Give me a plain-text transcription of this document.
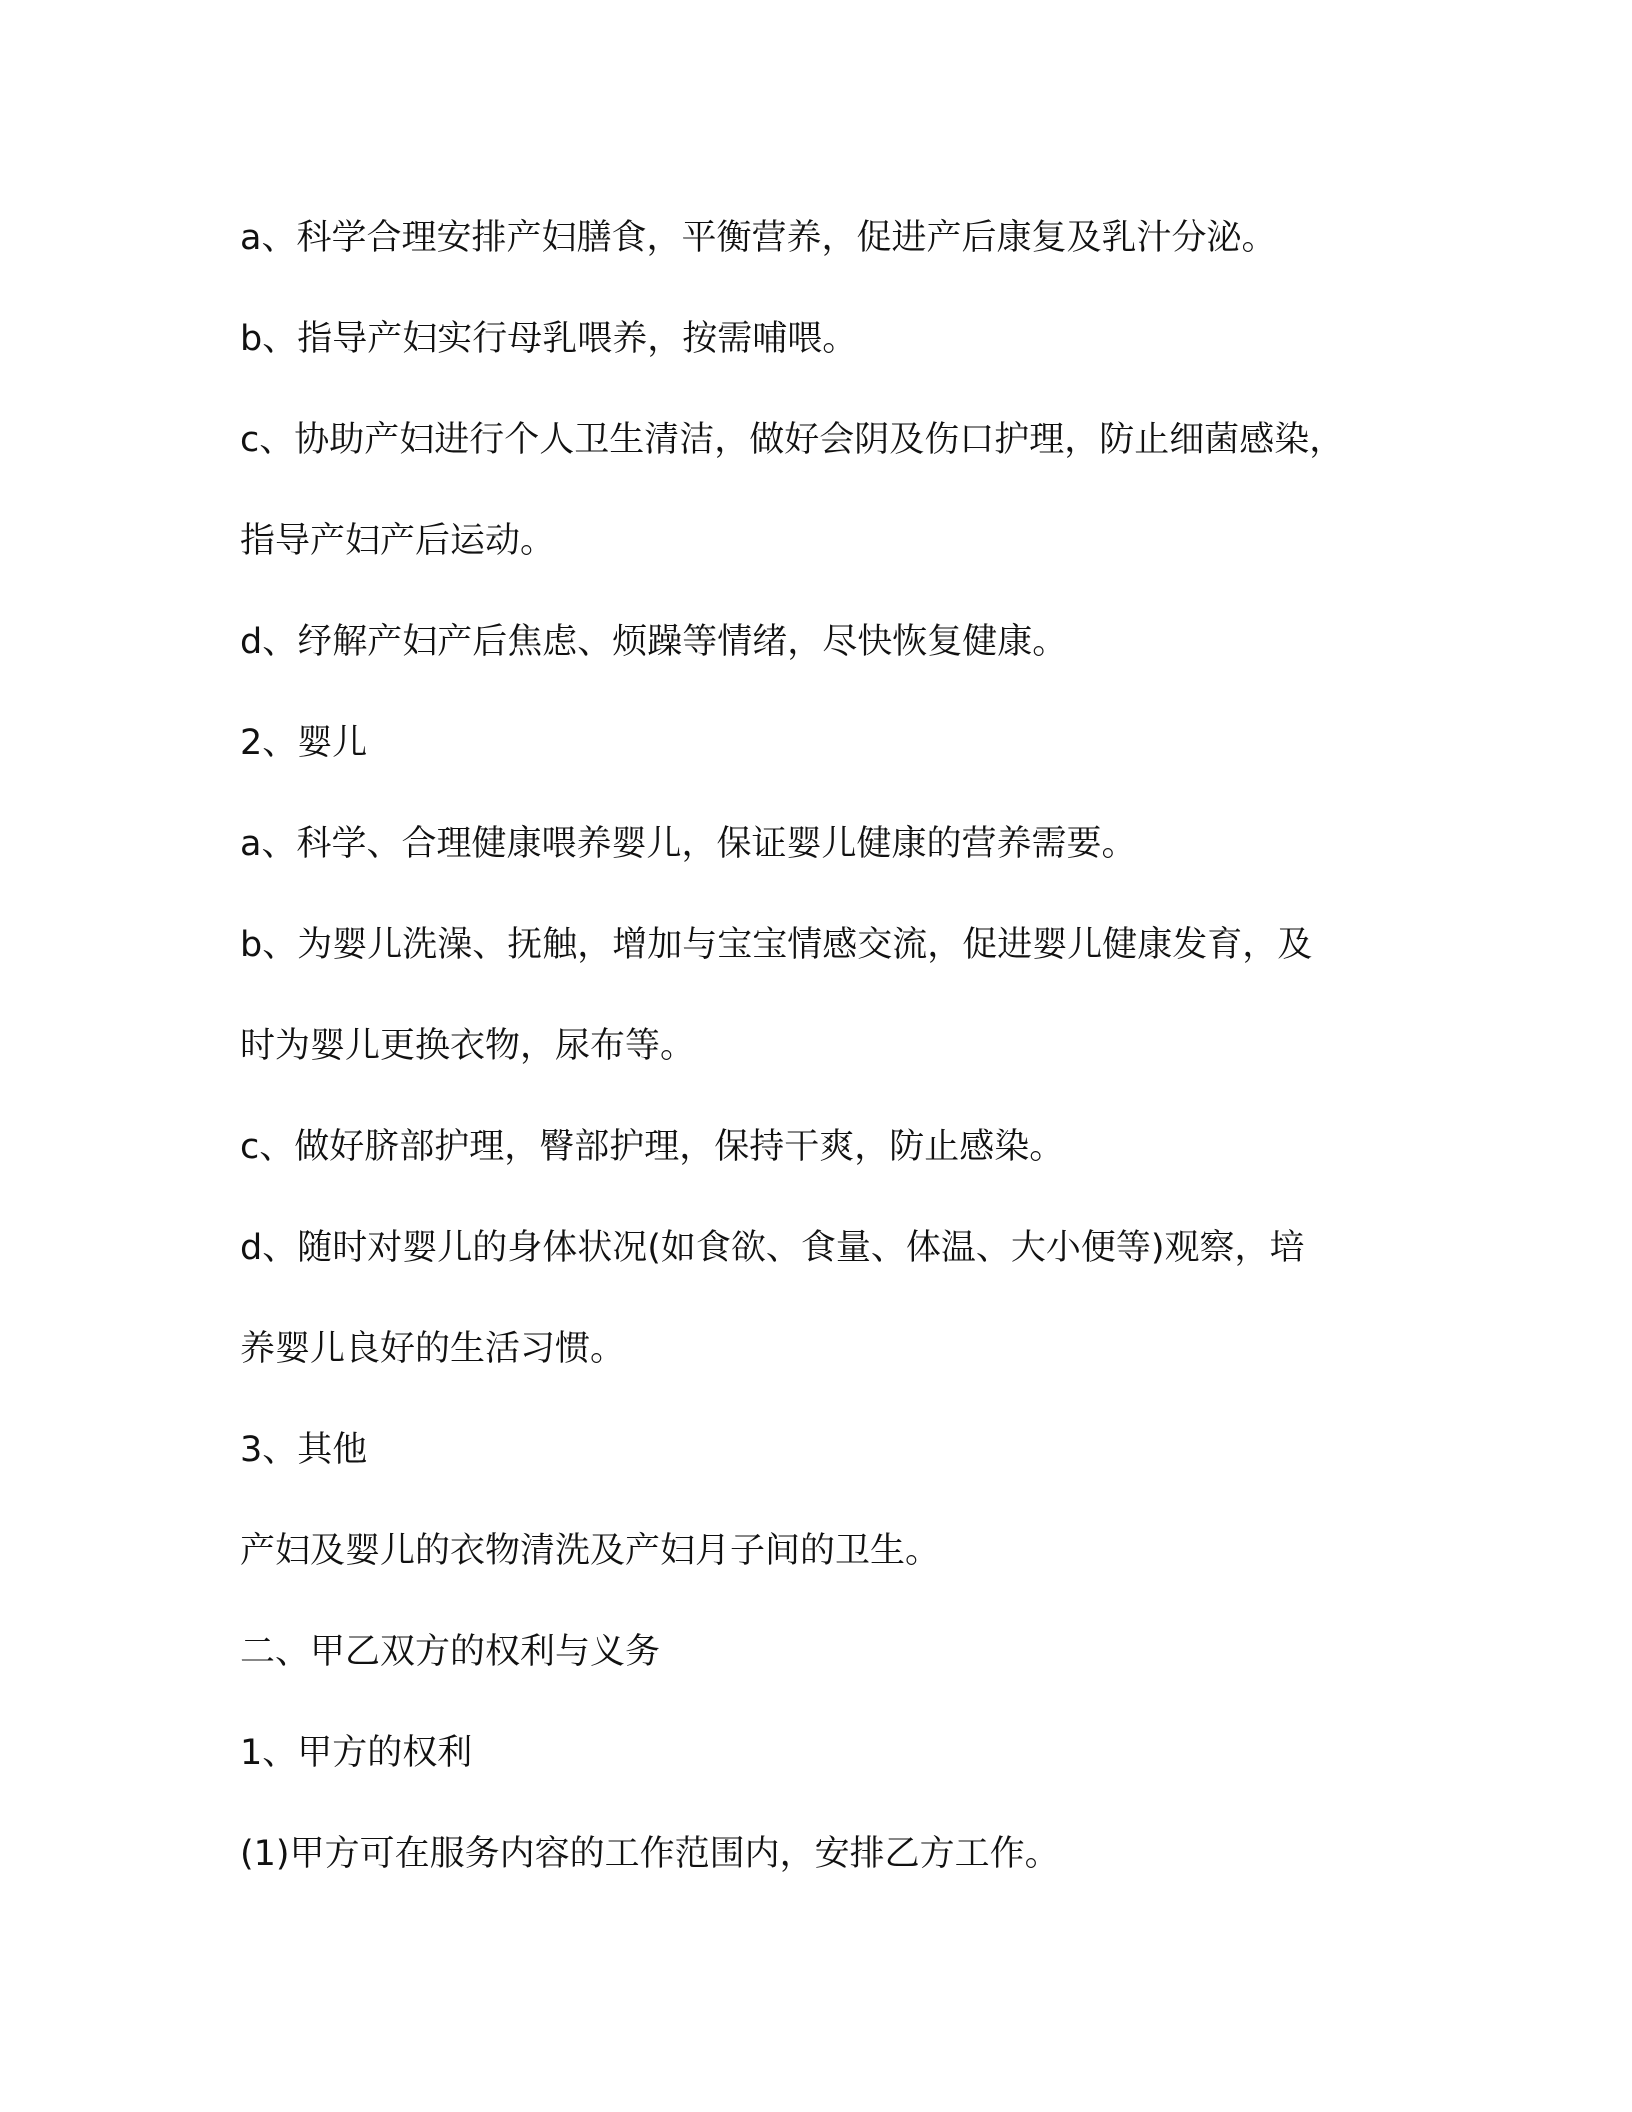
a、科学合理安排产妇膳食，平衡营养，促进产后康复及乳汁分泌。

b、指导产妇实行母乳喂养，按需哺喂。

c、协助产妇进行个人卫生清洁，做好会阴及伤口护理，防止细菌感染，

指导产妇产后运动。

d、纾解产妇产后焦虑、烦躁等情绪，尽快恢复健康。

2、婴儿

a、科学、合理健康喂养婴儿，保证婴儿健康的营养需要。

b、为婴儿洗澡、抚触，增加与宝宝情感交流，促进婴儿健康发育，及

时为婴儿更换衣物，尿布等。

c、做好脐部护理，臀部护理，保持干爽，防止感染。

d、随时对婴儿的身体状况(如食欲、食量、体温、大小便等)观察，培

养婴儿良好的生活习惯。

3、其他

产妇及婴儿的衣物清洗及产妇月子间的卫生。

二、甲乙双方的权利与义务

1、甲方的权利

(1)甲方可在服务内容的工作范围内，安排乙方工作。
